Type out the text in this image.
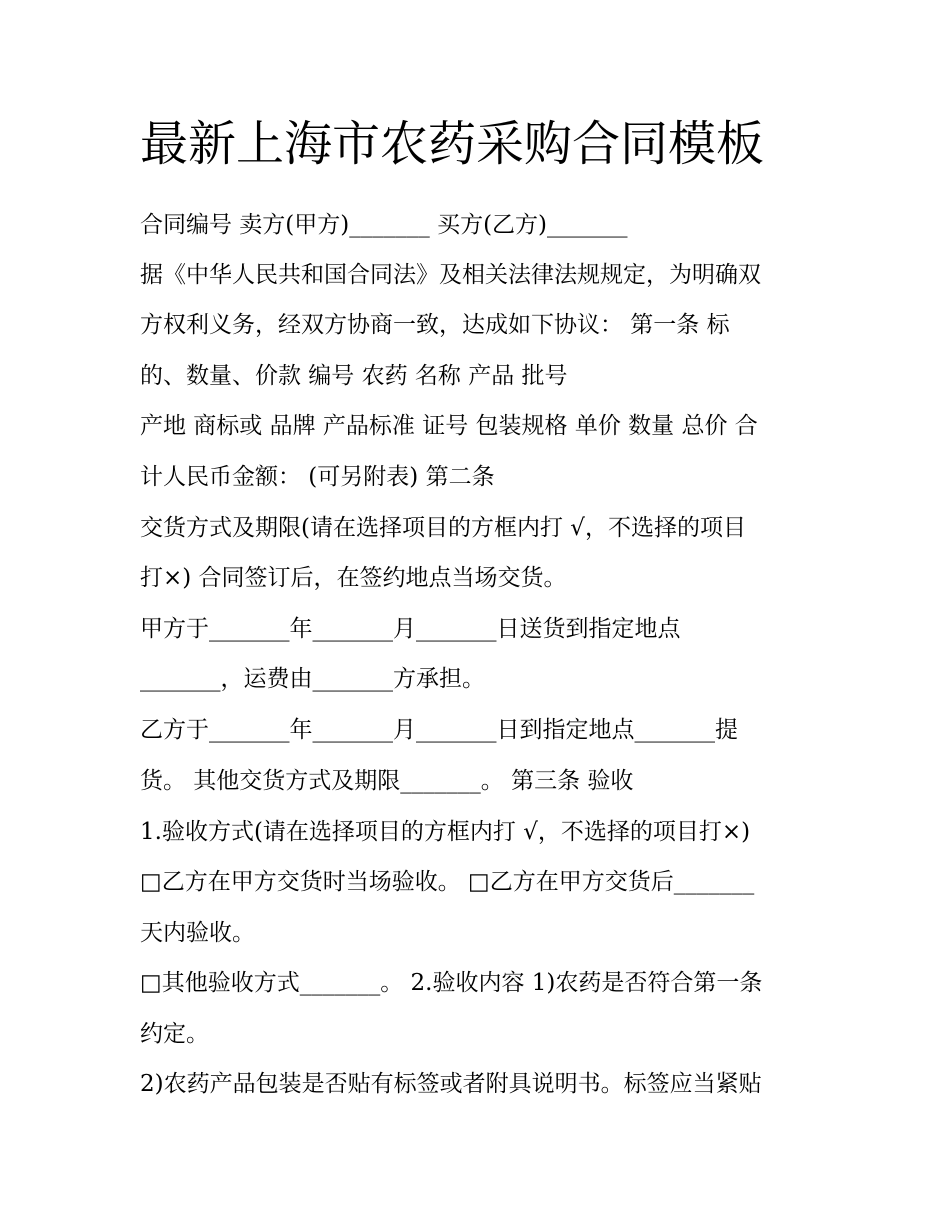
最新上海市农药采购合同模板
合同编号 卖方(甲方)_______ 买方(乙方)_______
据《中华人民共和国合同法》及相关法律法规规定，为明确双
方权利义务，经双方协商一致，达成如下协议： 第一条 标
的、数量、价款 编号 农药 名称 产品 批号
产地 商标或 品牌 产品标准 证号 包装规格 单价 数量 总价 合
计人民币金额： (可另附表) 第二条
交货方式及期限(请在选择项目的方框内打 √，不选择的项目
打×) 合同签订后，在签约地点当场交货。
甲方于_______年_______月_______日送货到指定地点
_______，运费由_______方承担。
乙方于_______年_______月_______日到指定地点_______提
货。 其他交货方式及期限_______。 第三条 验收
1.验收方式(请在选择项目的方框内打 √，不选择的项目打×)
□乙方在甲方交货时当场验收。 □乙方在甲方交货后_______
天内验收。
□其他验收方式_______。 2.验收内容 1)农药是否符合第一条
约定。
2)农药产品包装是否贴有标签或者附具说明书。标签应当紧贴
